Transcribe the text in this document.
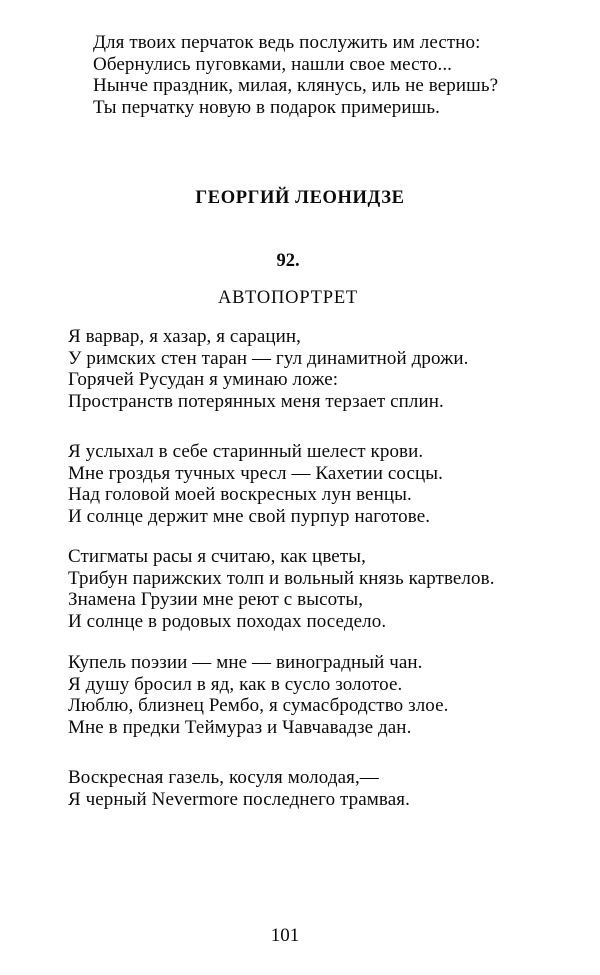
Для твоих перчаток ведь послужить им лестно:
Обернулись пуговками, нашли свое место...
Нынче праздник, милая, клянусь, иль не веришь?
Ты перчатку новую в подарок примеришь.
ГЕОРГИЙ ЛЕОНИДЗЕ
92.
АВТОПОРТРЕТ
Я варвар, я хазар, я сарацин,
У римских стен таран — гул динамитной дрожи.
Горячей Русудан я уминаю ложе:
Пространств потерянных меня терзает сплин.
Я услыхал в себе старинный шелест крови.
Мне гроздья тучных чресл — Кахетии сосцы.
Над головой моей воскресных лун венцы.
И солнце держит мне свой пурпур наготове.
Стигматы расы я считаю, как цветы,
Трибун парижских толп и вольный князь картвелов.
Знамена Грузии мне реют с высоты,
И солнце в родовых походах поседело.
Купель поэзии — мне — виноградный чан.
Я душу бросил в яд, как в сусло золотое.
Люблю, близнец Рембо, я сумасбродство злое.
Мне в предки Теймураз и Чавчавадзе дан.
Воскресная газель, косуля молодая,—
Я черный Nevermore последнего трамвая.
101
